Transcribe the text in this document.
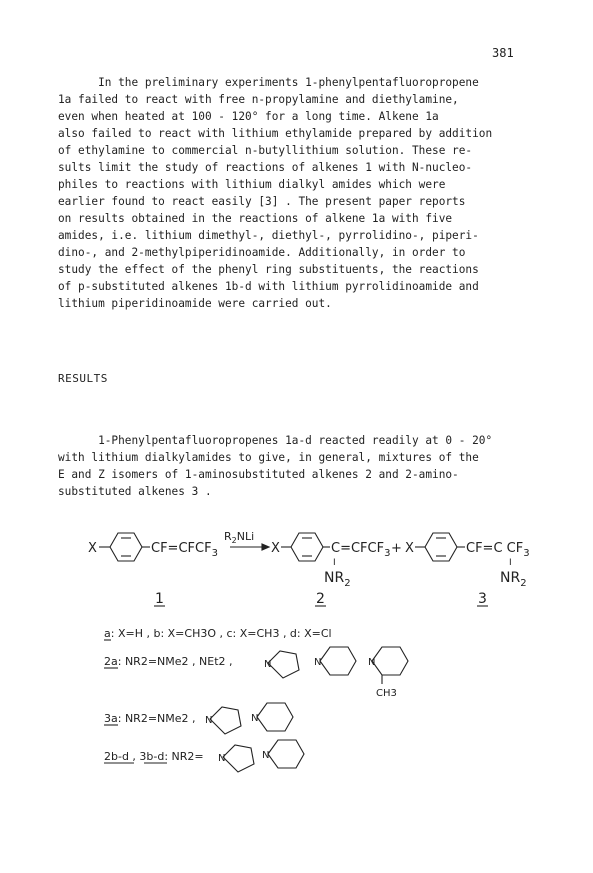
381

In the preliminary experiments 1-phenylpentafluoropropene

1a failed to react with free n-propylamine and diethylamine,

even when heated at 100 - 120° for a long time. Alkene 1a

also failed to react with lithium ethylamide prepared by addition

of ethylamine to commercial n-butyllithium solution. These re-

sults limit the study of reactions of alkenes 1 with N-nucleo-

philes to reactions with lithium dialkyl amides which were

earlier found to react easily [3] . The present paper reports

on results obtained in the reactions of alkene 1a with five

amides, i.e. lithium dimethyl-, diethyl-, pyrrolidino-, piperi-

dino-, and 2-methylpiperidinoamide. Additionally, in order to

study the effect of the phenyl ring substituents, the reactions

of p-substituted alkenes 1b-d with lithium pyrrolidinoamide and

lithium piperidinoamide were carried out.

RESULTS

1-Phenylpentafluoropropenes 1a-d reacted readily at 0 - 20°

with lithium dialkylamides to give, in general, mixtures of the

E and Z isomers of 1-aminosubstituted alkenes 2 and 2-amino-

substituted alkenes 3 .

X	$CF=CFCF_3$
$R_2NLi$
X	$C=CFCF_3$
I
$NR_2$
+ X	CF=C $CF_3$
I
$NR_2$
1	2	3
a: X=H , b: X=CH3O , c: X=CH3 , d: X=Cl
2a: NR2=NMe2 , NEt2 ,	N	N	N
CH3
3a: NR2=NMe2 , N	N
2b-d , 3b-d: NR2= N	N
